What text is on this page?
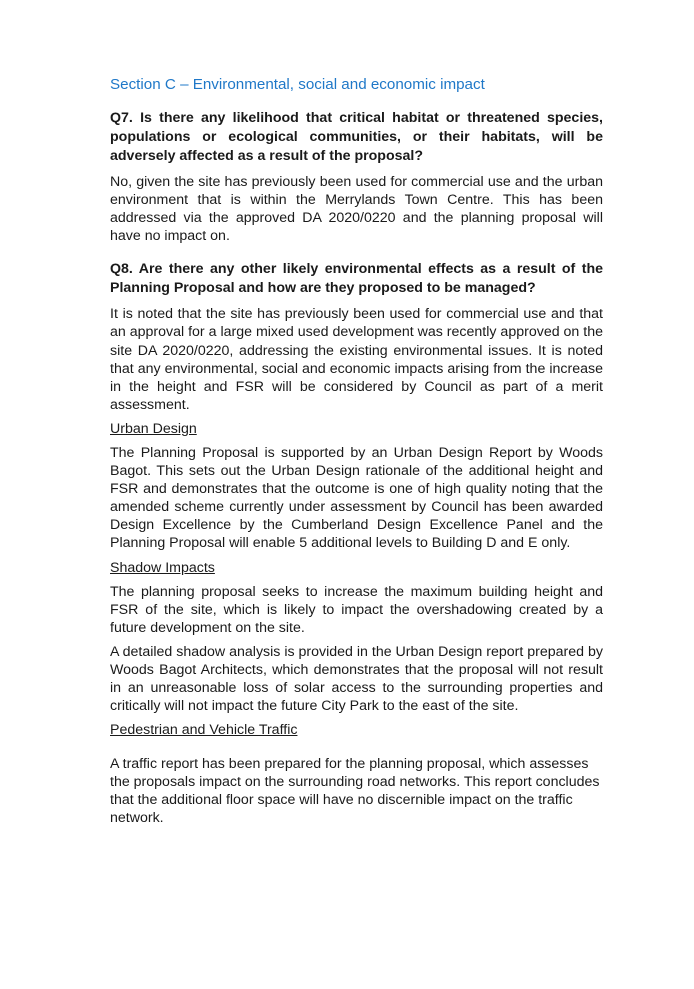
Section C – Environmental, social and economic impact

Q7. Is there any likelihood that critical habitat or threatened species, populations or ecological communities, or their habitats, will be adversely affected as a result of the proposal?

No, given the site has previously been used for commercial use and the urban environment that is within the Merrylands Town Centre. This has been addressed via the approved DA 2020/0220 and the planning proposal will have no impact on.

Q8. Are there any other likely environmental effects as a result of the Planning Proposal and how are they proposed to be managed?

It is noted that the site has previously been used for commercial use and that an approval for a large mixed used development was recently approved on the site DA 2020/0220, addressing the existing environmental issues. It is noted that any environmental, social and economic impacts arising from the increase in the height and FSR will be considered by Council as part of a merit assessment.

Urban Design

The Planning Proposal is supported by an Urban Design Report by Woods Bagot. This sets out the Urban Design rationale of the additional height and FSR and demonstrates that the outcome is one of high quality noting that the amended scheme currently under assessment by Council has been awarded Design Excellence by the Cumberland Design Excellence Panel and the Planning Proposal will enable 5 additional levels to Building D and E only.

Shadow Impacts

The planning proposal seeks to increase the maximum building height and FSR of the site, which is likely to impact the overshadowing created by a future development on the site.

A detailed shadow analysis is provided in the Urban Design report prepared by Woods Bagot Architects, which demonstrates that the proposal will not result in an unreasonable loss of solar access to the surrounding properties and critically will not impact the future City Park to the east of the site.

Pedestrian and Vehicle Traffic

A traffic report has been prepared for the planning proposal, which assesses the proposals impact on the surrounding road networks. This report concludes that the additional floor space will have no discernible impact on the traffic network.
